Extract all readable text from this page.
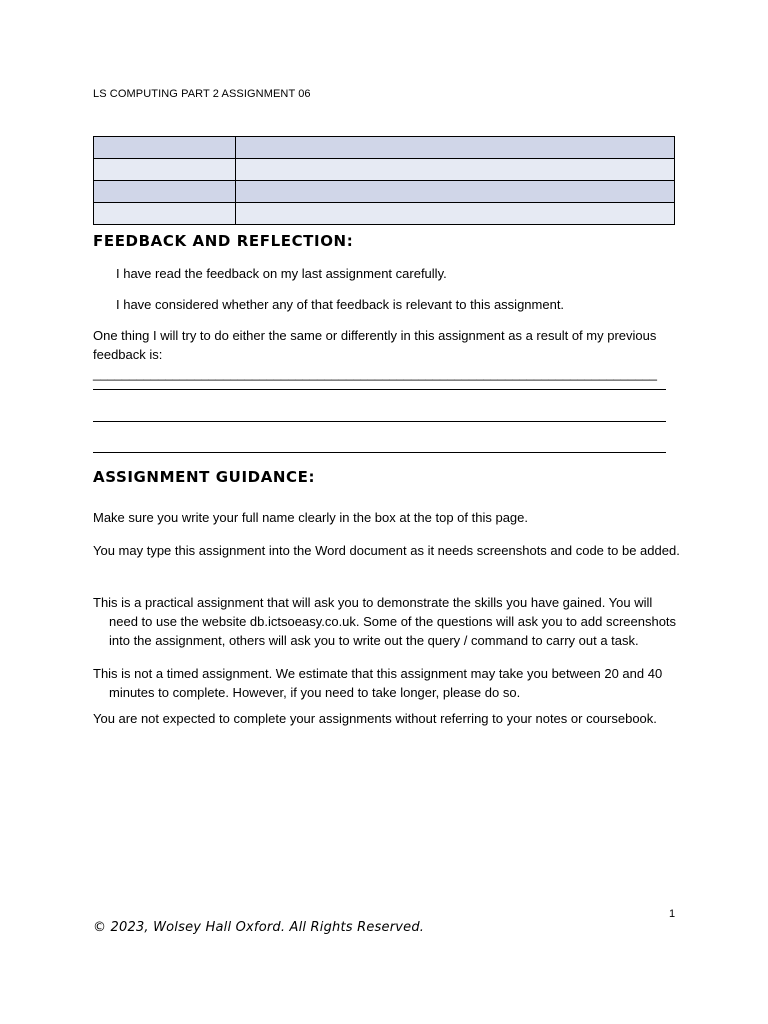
LS COMPUTING PART 2 ASSIGNMENT 06

FEEDBACK AND REFLECTION:
I have read the feedback on my last assignment carefully.
I have considered whether any of that feedback is relevant to this assignment.
One thing I will try to do either the same or differently in this assignment as a result of my previous feedback is: ______________________________________________________________________________
ASSIGNMENT GUIDANCE:
Make sure you write your full name clearly in the box at the top of this page.
You may type this assignment into the Word document as it needs screenshots and code to be added.
This is a practical assignment that will ask you to demonstrate the skills you have gained. You will need to use the website db.ictsoeasy.co.uk. Some of the questions will ask you to add screenshots into the assignment, others will ask you to write out the query / command to carry out a task.
This is not a timed assignment. We estimate that this assignment may take you between 20 and 40 minutes to complete. However, if you need to take longer, please do so.
You are not expected to complete your assignments without referring to your notes or coursebook.
1
© 2023, Wolsey Hall Oxford. All Rights Reserved.
